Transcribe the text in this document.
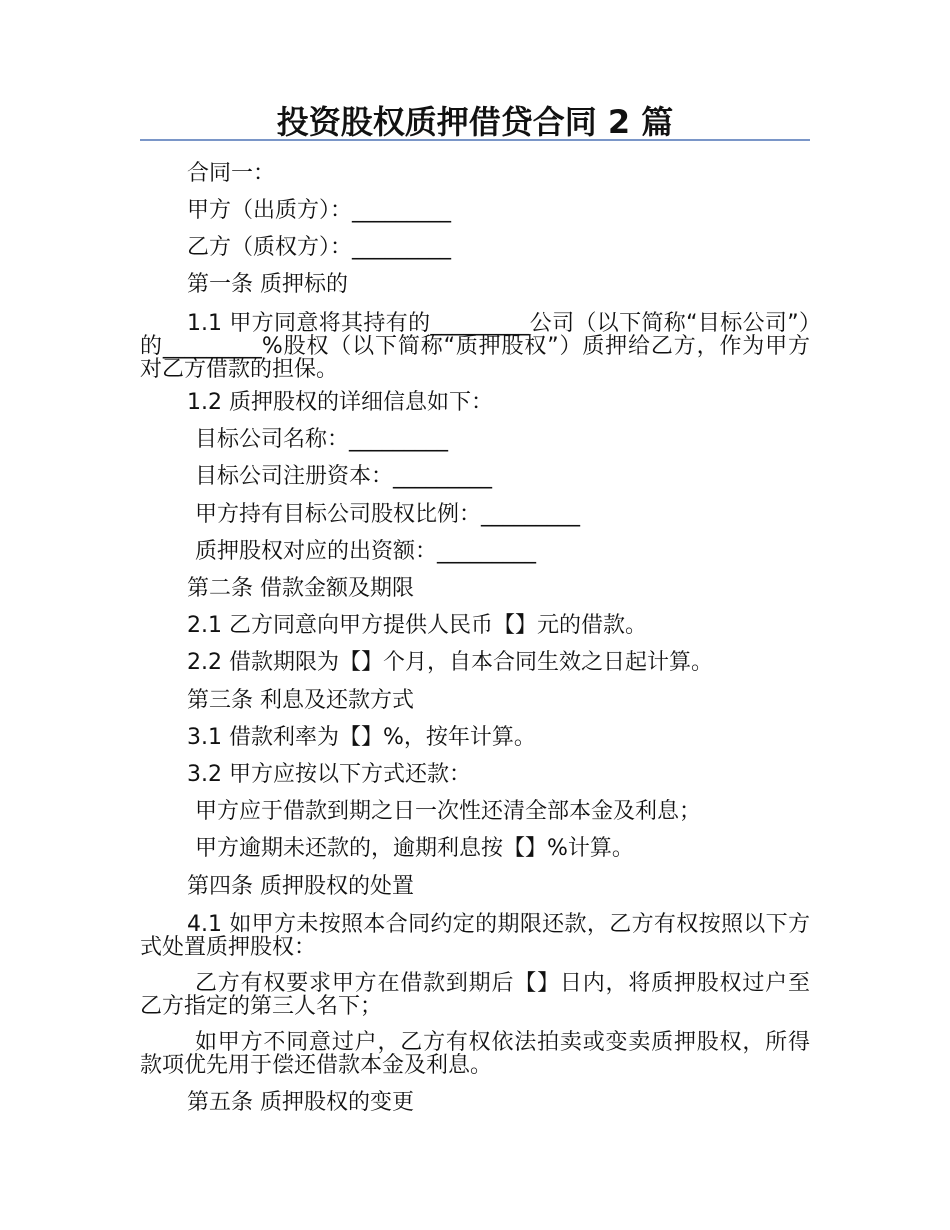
投资股权质押借贷合同 2 篇

合同一：

甲方（出质方）：_________

乙方（质权方）：_________

第一条 质押标的

1.1 甲方同意将其持有的_________公司（以下简称“目标公司”）的_________%股权（以下简称“质押股权”）质押给乙方，作为甲方对乙方借款的担保。

1.2 质押股权的详细信息如下：

目标公司名称：_________

目标公司注册资本：_________

甲方持有目标公司股权比例：_________

质押股权对应的出资额：_________

第二条 借款金额及期限

2.1 乙方同意向甲方提供人民币【】元的借款。

2.2 借款期限为【】个月，自本合同生效之日起计算。

第三条 利息及还款方式

3.1 借款利率为【】%，按年计算。

3.2 甲方应按以下方式还款：

甲方应于借款到期之日一次性还清全部本金及利息；

甲方逾期未还款的，逾期利息按【】%计算。

第四条 质押股权的处置

4.1 如甲方未按照本合同约定的期限还款，乙方有权按照以下方式处置质押股权：

乙方有权要求甲方在借款到期后【】日内，将质押股权过户至乙方指定的第三人名下；

如甲方不同意过户，乙方有权依法拍卖或变卖质押股权，所得款项优先用于偿还借款本金及利息。

第五条 质押股权的变更
